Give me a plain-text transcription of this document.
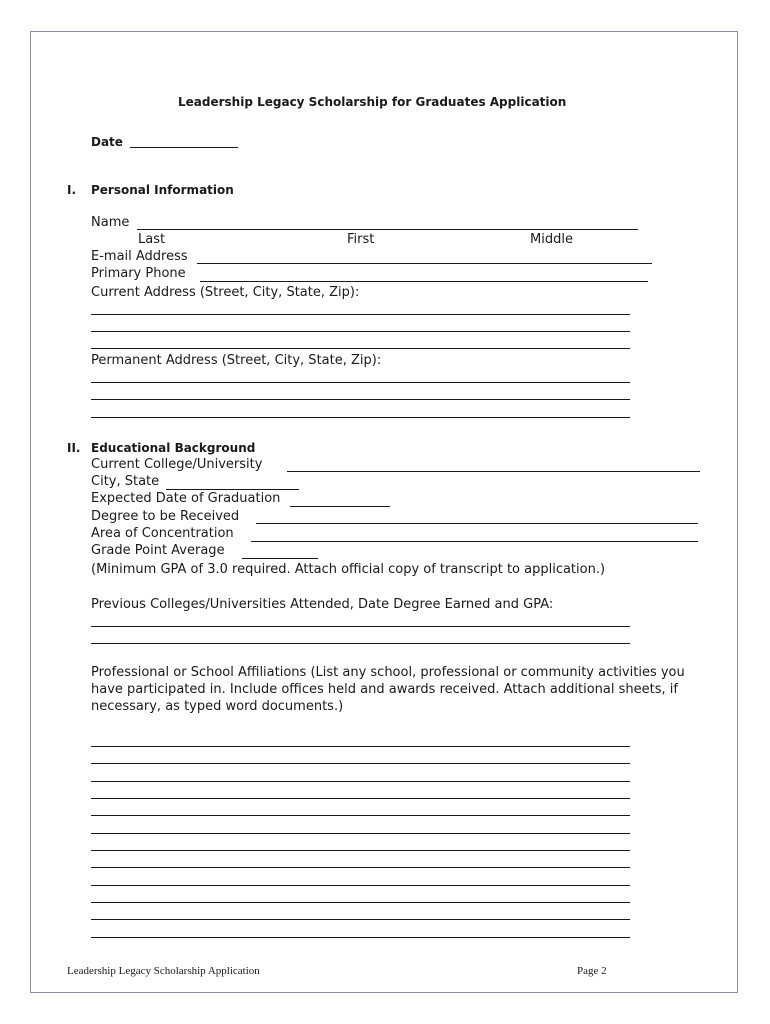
Leadership Legacy Scholarship for Graduates Application
Date
I. Personal Information
Name
Last	First	Middle
E-mail Address
Primary Phone
Current Address (Street, City, State, Zip):
Permanent Address (Street, City, State, Zip):
II. Educational Background
Current College/University
City, State
Expected Date of Graduation
Degree to be Received
Area of Concentration
Grade Point Average
(Minimum GPA of 3.0 required. Attach official copy of transcript to application.)
Previous Colleges/Universities Attended, Date Degree Earned and GPA:
Professional or School Affiliations (List any school, professional or community activities you have participated in. Include offices held and awards received. Attach additional sheets, if necessary, as typed word documents.)
Leadership Legacy Scholarship Application	Page 2
